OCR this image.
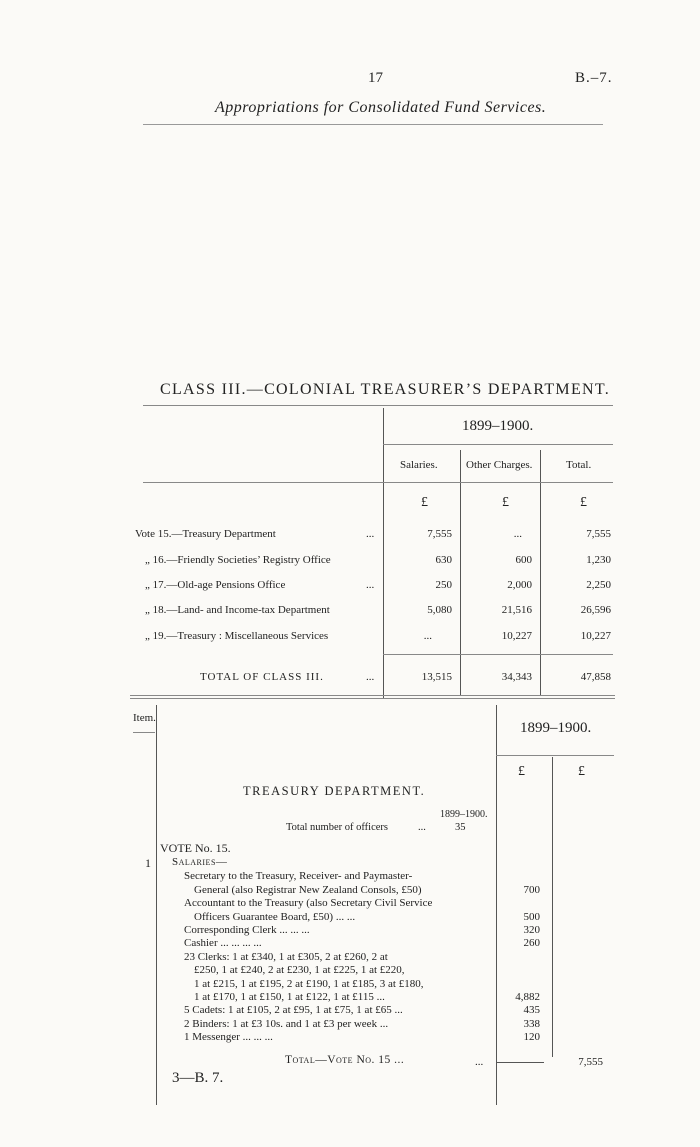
17	B.–7.
Appropriations for Consolidated Fund Services.
CLASS III.—COLONIAL TREASURER’S DEPARTMENT.
1899–1900.
Salaries.	Other Charges.	Total.
£	£	£
Vote 15.—Treasury Department	...	7,555	...	7,555
„ 16.—Friendly Societies’ Registry Office	630	600	1,230
„ 17.—Old-age Pensions Office	...	250	2,000	2,250
„ 18.—Land- and Income-tax Department	5,080	21,516	26,596
„ 19.—Treasury : Miscellaneous Services	...	10,227	10,227
TOTAL OF CLASS III.	...	13,515	34,343	47,858
Item.
1899–1900.
£	£
TREASURY DEPARTMENT.
1899–1900.
Total number of officers	...	35
VOTE No. 15.
1 Salaries—
Secretary to the Treasury, Receiver- and Paymaster-
General (also Registrar New Zealand Consols, £50)	700
Accountant to the Treasury (also Secretary Civil Service
Officers Guarantee Board, £50) ... ...	500
Corresponding Clerk ... ... ...	320
Cashier ... ... ... ...	260
23 Clerks: 1 at £340, 1 at £305, 2 at £260, 2 at
£250, 1 at £240, 2 at £230, 1 at £225, 1 at £220,
1 at £215, 1 at £195, 2 at £190, 1 at £185, 3 at £180,
1 at £170, 1 at £150, 1 at £122, 1 at £115 ...	4,882
5 Cadets: 1 at £105, 2 at £95, 1 at £75, 1 at £65 ...	435
2 Binders: 1 at £3 10s. and 1 at £3 per week ...	338
1 Messenger ... ... ...	120
Total—Vote No. 15 ...	...	7,555
3—B. 7.
